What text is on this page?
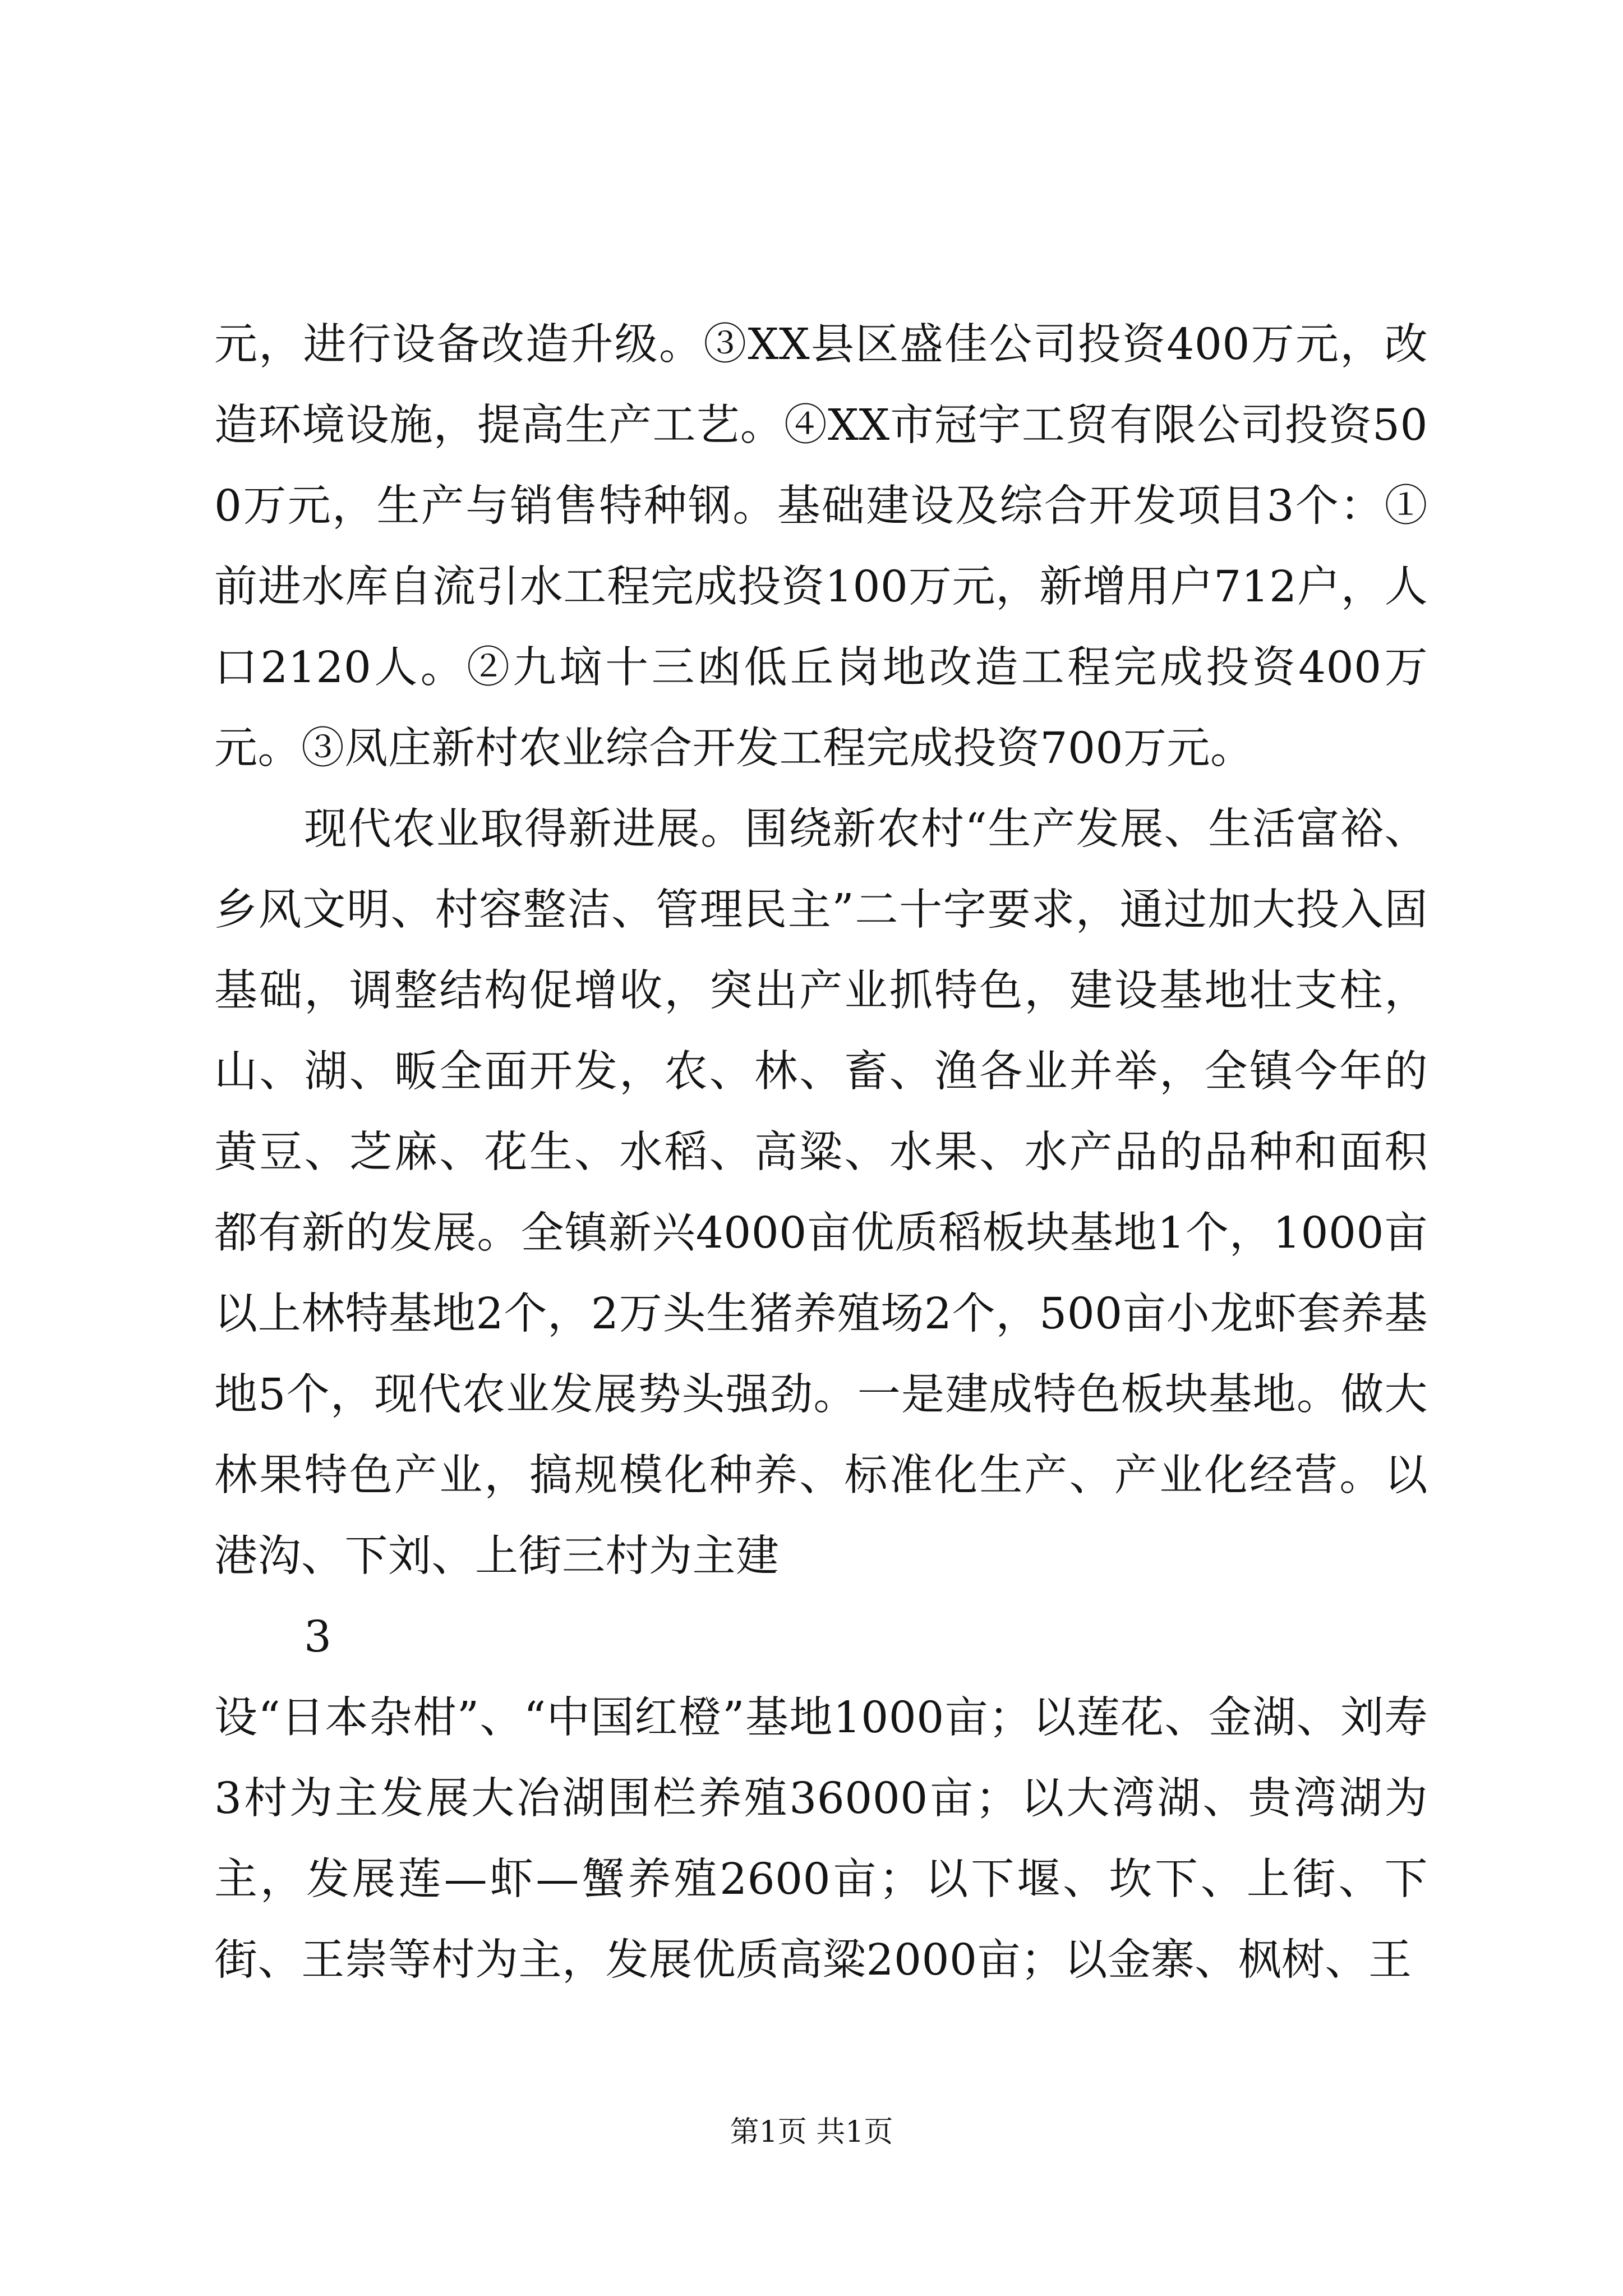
元，进行设备改造升级。③XX县区盛佳公司投资400万元，改造环境设施，提高生产工艺。④XX市冠宇工贸有限公司投资500万元，生产与销售特种钢。基础建设及综合开发项目3个：①前进水库自流引水工程完成投资100万元，新增用户712户，人口2120人。②九垴十三凼低丘岗地改造工程完成投资400万元。③凤庄新村农业综合开发工程完成投资700万元。

现代农业取得新进展。围绕新农村“生产发展、生活富裕、乡风文明、村容整洁、管理民主”二十字要求，通过加大投入固基础，调整结构促增收，突出产业抓特色，建设基地壮支柱，山、湖、畈全面开发，农、林、畜、渔各业并举，全镇今年的黄豆、芝麻、花生、水稻、高粱、水果、水产品的品种和面积都有新的发展。全镇新兴4000亩优质稻板块基地1个，1000亩以上林特基地2个，2万头生猪养殖场2个，500亩小龙虾套养基地5个，现代农业发展势头强劲。一是建成特色板块基地。做大林果特色产业，搞规模化种养、标准化生产、产业化经营。以港沟、下刘、上街三村为主建

3

设“日本杂柑”、“中国红橙”基地1000亩；以莲花、金湖、刘寿3村为主发展大冶湖围栏养殖36000亩；以大湾湖、贵湾湖为主，发展莲—虾—蟹养殖2600亩；以下堰、坎下、上街、下街、王崇等村为主，发展优质高粱2000亩；以金寨、枫树、王

第1页 共1页
